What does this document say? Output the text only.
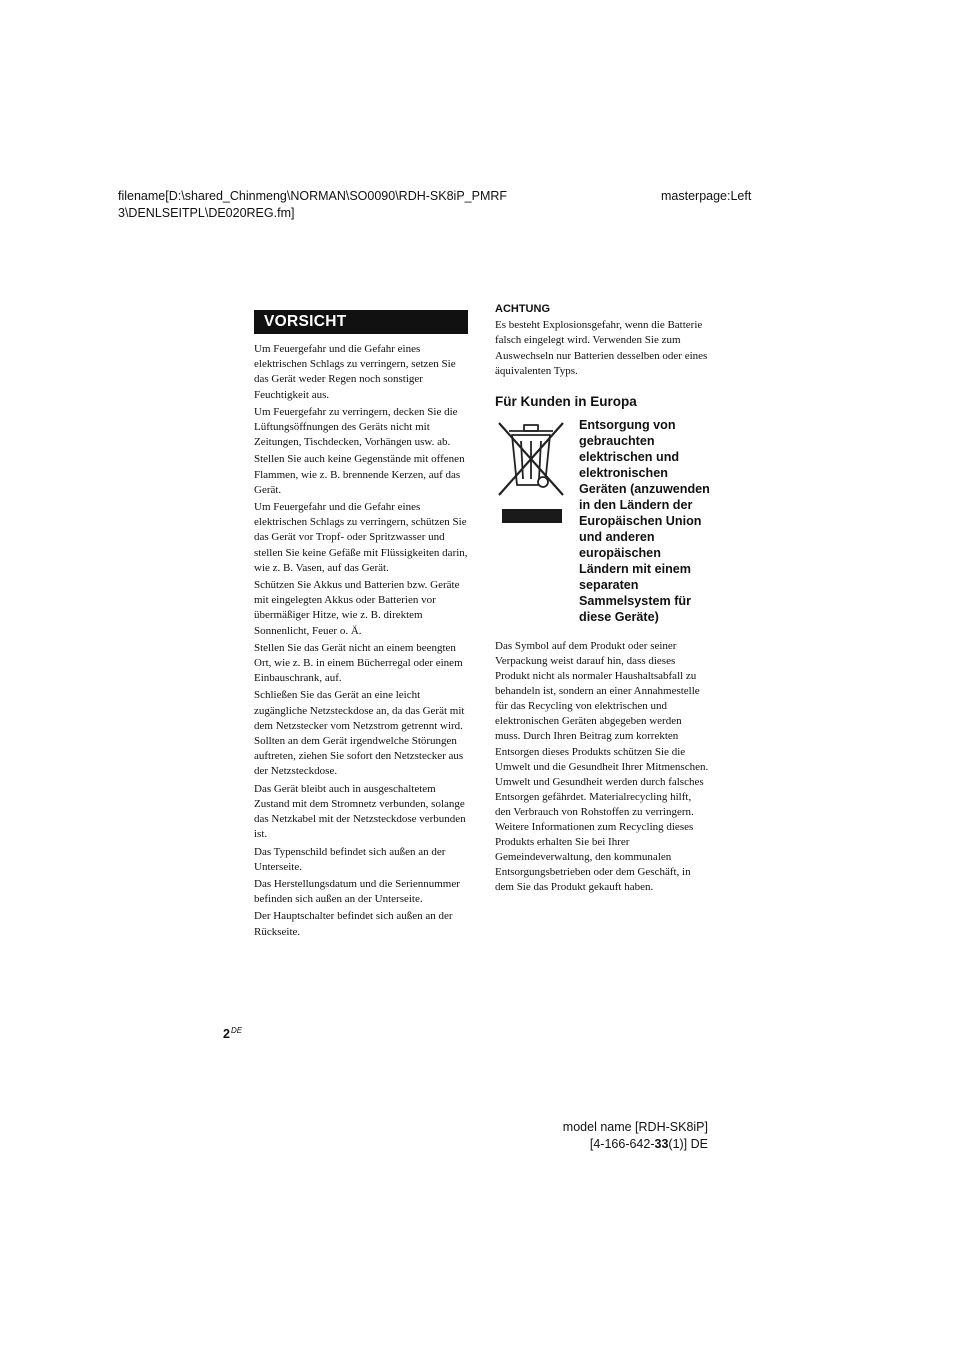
filename[D:\shared_Chinmeng\NORMAN\SO0090\RDH-SK8iP_PMRF
3\DENLSEITPL\DE020REG.fm]
masterpage:Left
VORSICHT

Um Feuergefahr und die Gefahr eines elektrischen Schlags zu verringern, setzen Sie das Gerät weder Regen noch sonstiger Feuchtigkeit aus.

Um Feuergefahr zu verringern, decken Sie die Lüftungsöffnungen des Geräts nicht mit Zeitungen, Tischdecken, Vorhängen usw. ab.

Stellen Sie auch keine Gegenstände mit offenen Flammen, wie z. B. brennende Kerzen, auf das Gerät.

Um Feuergefahr und die Gefahr eines elektrischen Schlags zu verringern, schützen Sie das Gerät vor Tropf- oder Spritzwasser und stellen Sie keine Gefäße mit Flüssigkeiten darin, wie z. B. Vasen, auf das Gerät.

Schützen Sie Akkus und Batterien bzw. Geräte mit eingelegten Akkus oder Batterien vor übermäßiger Hitze, wie z. B. direktem Sonnenlicht, Feuer o. Ä.

Stellen Sie das Gerät nicht an einem beengten Ort, wie z. B. in einem Bücherregal oder einem Einbauschrank, auf.

Schließen Sie das Gerät an eine leicht zugängliche Netzsteckdose an, da das Gerät mit dem Netzstecker vom Netzstrom getrennt wird. Sollten an dem Gerät irgendwelche Störungen auftreten, ziehen Sie sofort den Netzstecker aus der Netzsteckdose.

Das Gerät bleibt auch in ausgeschaltetem Zustand mit dem Stromnetz verbunden, solange das Netzkabel mit der Netzsteckdose verbunden ist.

Das Typenschild befindet sich außen an der Unterseite.

Das Herstellungsdatum und die Seriennummer befinden sich außen an der Unterseite.

Der Hauptschalter befindet sich außen an der Rückseite.

ACHTUNG

Es besteht Explosionsgefahr, wenn die Batterie falsch eingelegt wird. Verwenden Sie zum Auswechseln nur Batterien desselben oder eines äquivalenten Typs.

Für Kunden in Europa
Entsorgung von gebrauchten elektrischen und elektronischen Geräten (anzuwenden in den Ländern der Europäischen Union und anderen europäischen Ländern mit einem separaten Sammelsystem für diese Geräte)

Das Symbol auf dem Produkt oder seiner Verpackung weist darauf hin, dass dieses Produkt nicht als normaler Haushaltsabfall zu behandeln ist, sondern an einer Annahmestelle für das Recycling von elektrischen und elektronischen Geräten abgegeben werden muss. Durch Ihren Beitrag zum korrekten Entsorgen dieses Produkts schützen Sie die Umwelt und die Gesundheit Ihrer Mitmenschen. Umwelt und Gesundheit werden durch falsches Entsorgen gefährdet. Materialrecycling hilft, den Verbrauch von Rohstoffen zu verringern. Weitere Informationen zum Recycling dieses Produkts erhalten Sie bei Ihrer Gemeindeverwaltung, den kommunalen Entsorgungsbetrieben oder dem Geschäft, in dem Sie das Produkt gekauft haben.

2DE
model name [RDH-SK8iP]
[4-166-642-33(1)] DE
